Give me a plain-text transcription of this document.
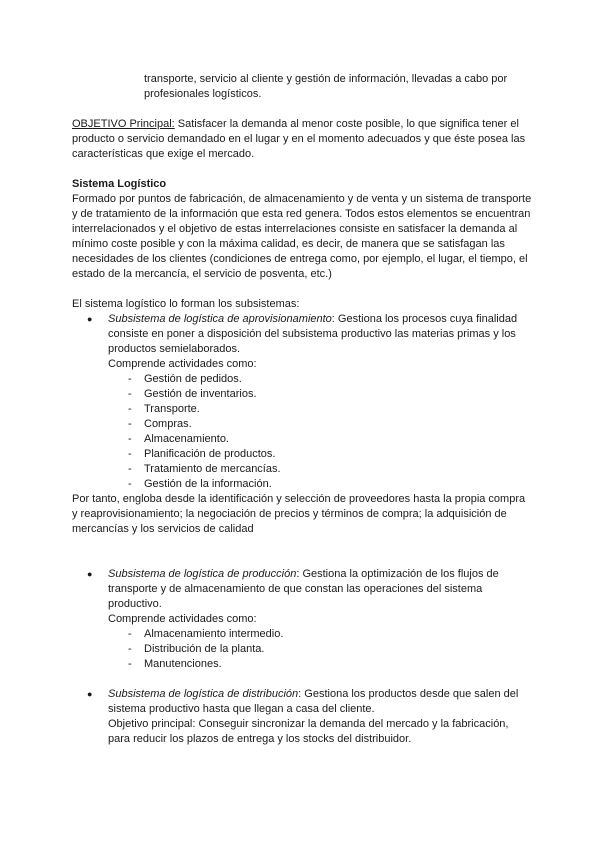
transporte, servicio al cliente y gestión de información, llevadas a cabo por profesionales logísticos.

OBJETIVO Principal: Satisfacer la demanda al menor coste posible, lo que significa tener el producto o servicio demandado en el lugar y en el momento adecuados y que éste posea las características que exige el mercado.

Sistema Logístico

Formado por puntos de fabricación, de almacenamiento y de venta y un sistema de transporte y de tratamiento de la información que esta red genera. Todos estos elementos se encuentran interrelacionados y el objetivo de estas interrelaciones consiste en satisfacer la demanda al mínimo coste posible y con la máxima calidad, es decir, de manera que se satisfagan las necesidades de los clientes (condiciones de entrega como, por ejemplo, el lugar, el tiempo, el estado de la mercancía, el servicio de posventa, etc.)

El sistema logístico lo forman los subsistemas:

● Subsistema de logística de aprovisionamiento: Gestiona los procesos cuya finalidad consiste en poner a disposición del subsistema productivo las materias primas y los productos semielaborados.

Comprende actividades como:

- Gestión de pedidos.
- Gestión de inventarios.
- Transporte.
- Compras.
- Almacenamiento.
- Planificación de productos.
- Tratamiento de mercancías.
- Gestión de la información.

Por tanto, engloba desde la identificación y selección de proveedores hasta la propia compra y reaprovisionamiento; la negociación de precios y términos de compra; la adquisición de mercancías y los servicios de calidad

● Subsistema de logística de producción: Gestiona la optimización de los flujos de transporte y de almacenamiento de que constan las operaciones del sistema productivo.

Comprende actividades como:

- Almacenamiento intermedio.
- Distribución de la planta.
- Manutenciones.
● Subsistema de logística de distribución: Gestiona los productos desde que salen del sistema productivo hasta que llegan a casa del cliente.

Objetivo principal: Conseguir sincronizar la demanda del mercado y la fabricación, para reducir los plazos de entrega y los stocks del distribuidor.
